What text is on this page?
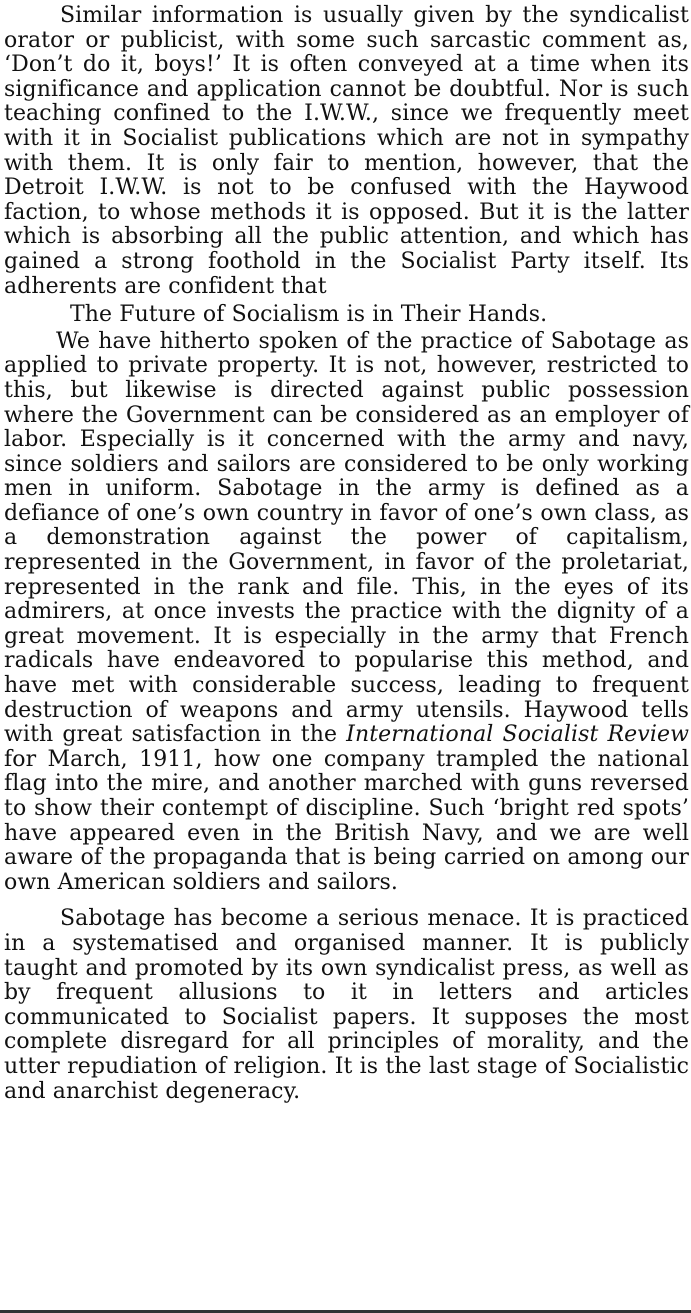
Similar information is usually given by the syndicalist orator or publicist, with some such sarcastic comment as, ‘Don’t do it, boys!’ It is often conveyed at a time when its significance and application cannot be doubtful. Nor is such teaching confined to the I.W.W., since we frequently meet with it in Socialist publications which are not in sympathy with them. It is only fair to mention, however, that the Detroit I.W.W. is not to be confused with the Haywood faction, to whose methods it is opposed. But it is the latter which is absorbing all the public attention, and which has gained a strong foothold in the Socialist Party itself. Its adherents are confident that

The Future of Socialism is in Their Hands.

We have hitherto spoken of the practice of Sabotage as applied to private property. It is not, however, restricted to this, but likewise is directed against public possession where the Government can be considered as an employer of labor. Especially is it concerned with the army and navy, since soldiers and sailors are considered to be only working men in uniform. Sabotage in the army is defined as a defiance of one’s own country in favor of one’s own class, as a demonstration against the power of capitalism, represented in the Government, in favor of the proletariat, represented in the rank and file. This, in the eyes of its admirers, at once invests the practice with the dignity of a great movement. It is especially in the army that French radicals have endeavored to popularise this method, and have met with considerable success, leading to frequent destruction of weapons and army utensils. Haywood tells with great satisfaction in the International Socialist Review for March, 1911, how one company trampled the national flag into the mire, and another marched with guns reversed to show their contempt of discipline. Such ‘bright red spots’ have appeared even in the British Navy, and we are well aware of the propaganda that is being carried on among our own American soldiers and sailors.

Sabotage has become a serious menace. It is practiced in a systematised and organised manner. It is publicly taught and promoted by its own syndicalist press, as well as by frequent allusions to it in letters and articles communicated to Socialist papers. It supposes the most complete disregard for all principles of morality, and the utter repudiation of religion. It is the last stage of Socialistic and anarchist degeneracy.
